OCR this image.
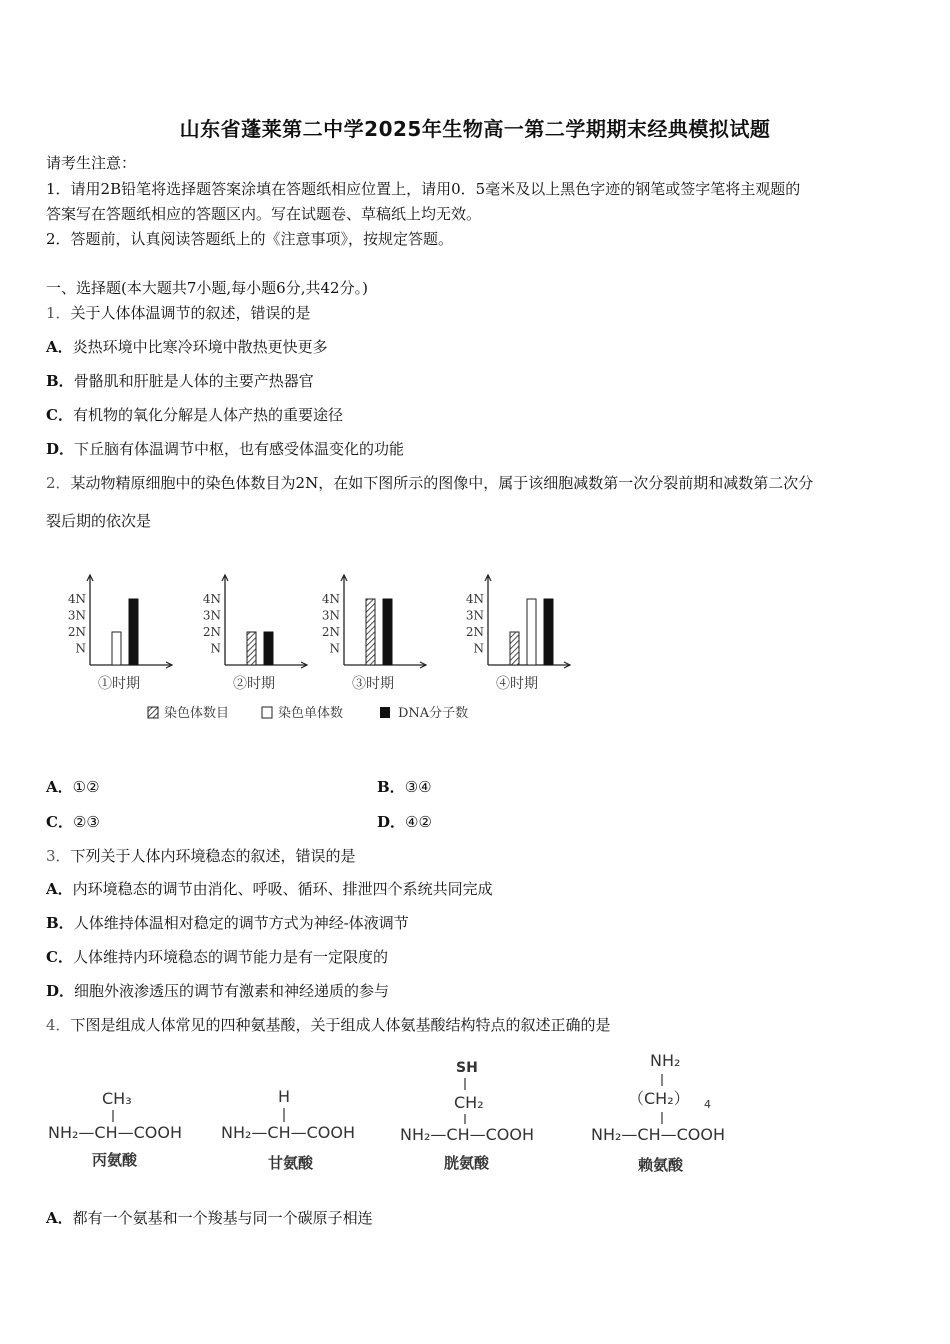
山东省蓬莱第二中学2025年生物高一第二学期期末经典模拟试题
请考生注意：
1．请用2B铅笔将选择题答案涂填在答题纸相应位置上，请用0．5毫米及以上黑色字迹的钢笔或签字笔将主观题的
答案写在答题纸相应的答题区内。写在试题卷、草稿纸上均无效。
2．答题前，认真阅读答题纸上的《注意事项》，按规定答题。
一、选择题(本大题共7小题,每小题6分,共42分。)
1．关于人体体温调节的叙述，错误的是
A．炎热环境中比寒冷环境中散热更快更多
B．骨骼肌和肝脏是人体的主要产热器官
C．有机物的氧化分解是人体产热的重要途径
D．下丘脑有体温调节中枢，也有感受体温变化的功能
2．某动物精原细胞中的染色体数目为2N，在如下图所示的图像中，属于该细胞减数第一次分裂前期和减数第二次分
裂后期的依次是
4N
3N
2N
N
①时期
4N
3N
2N
N
②时期
4N
3N
2N
N
③时期
4N
3N
2N
N
④时期
染色体数目	染色单体数	DNA分子数
A．①②	B．③④
C．②③	D．④②
3．下列关于人体内环境稳态的叙述，错误的是
A．内环境稳态的调节由消化、呼吸、循环、排泄四个系统共同完成
B．人体维持体温相对稳定的调节方式为神经-体液调节
C．人体维持内环境稳态的调节能力是有一定限度的
D．细胞外液渗透压的调节有激素和神经递质的参与
4．下图是组成人体常见的四种氨基酸，关于组成人体氨基酸结构特点的叙述正确的是
CH₃
NH₂—CH—COOH
丙氨酸
H
NH₂—CH—COOH
甘氨酸
SH
CH₂
NH₂—CH—COOH
胱氨酸
NH₂
（CH₂） 4
NH₂—CH—COOH
赖氨酸
A．都有一个氨基和一个羧基与同一个碳原子相连
